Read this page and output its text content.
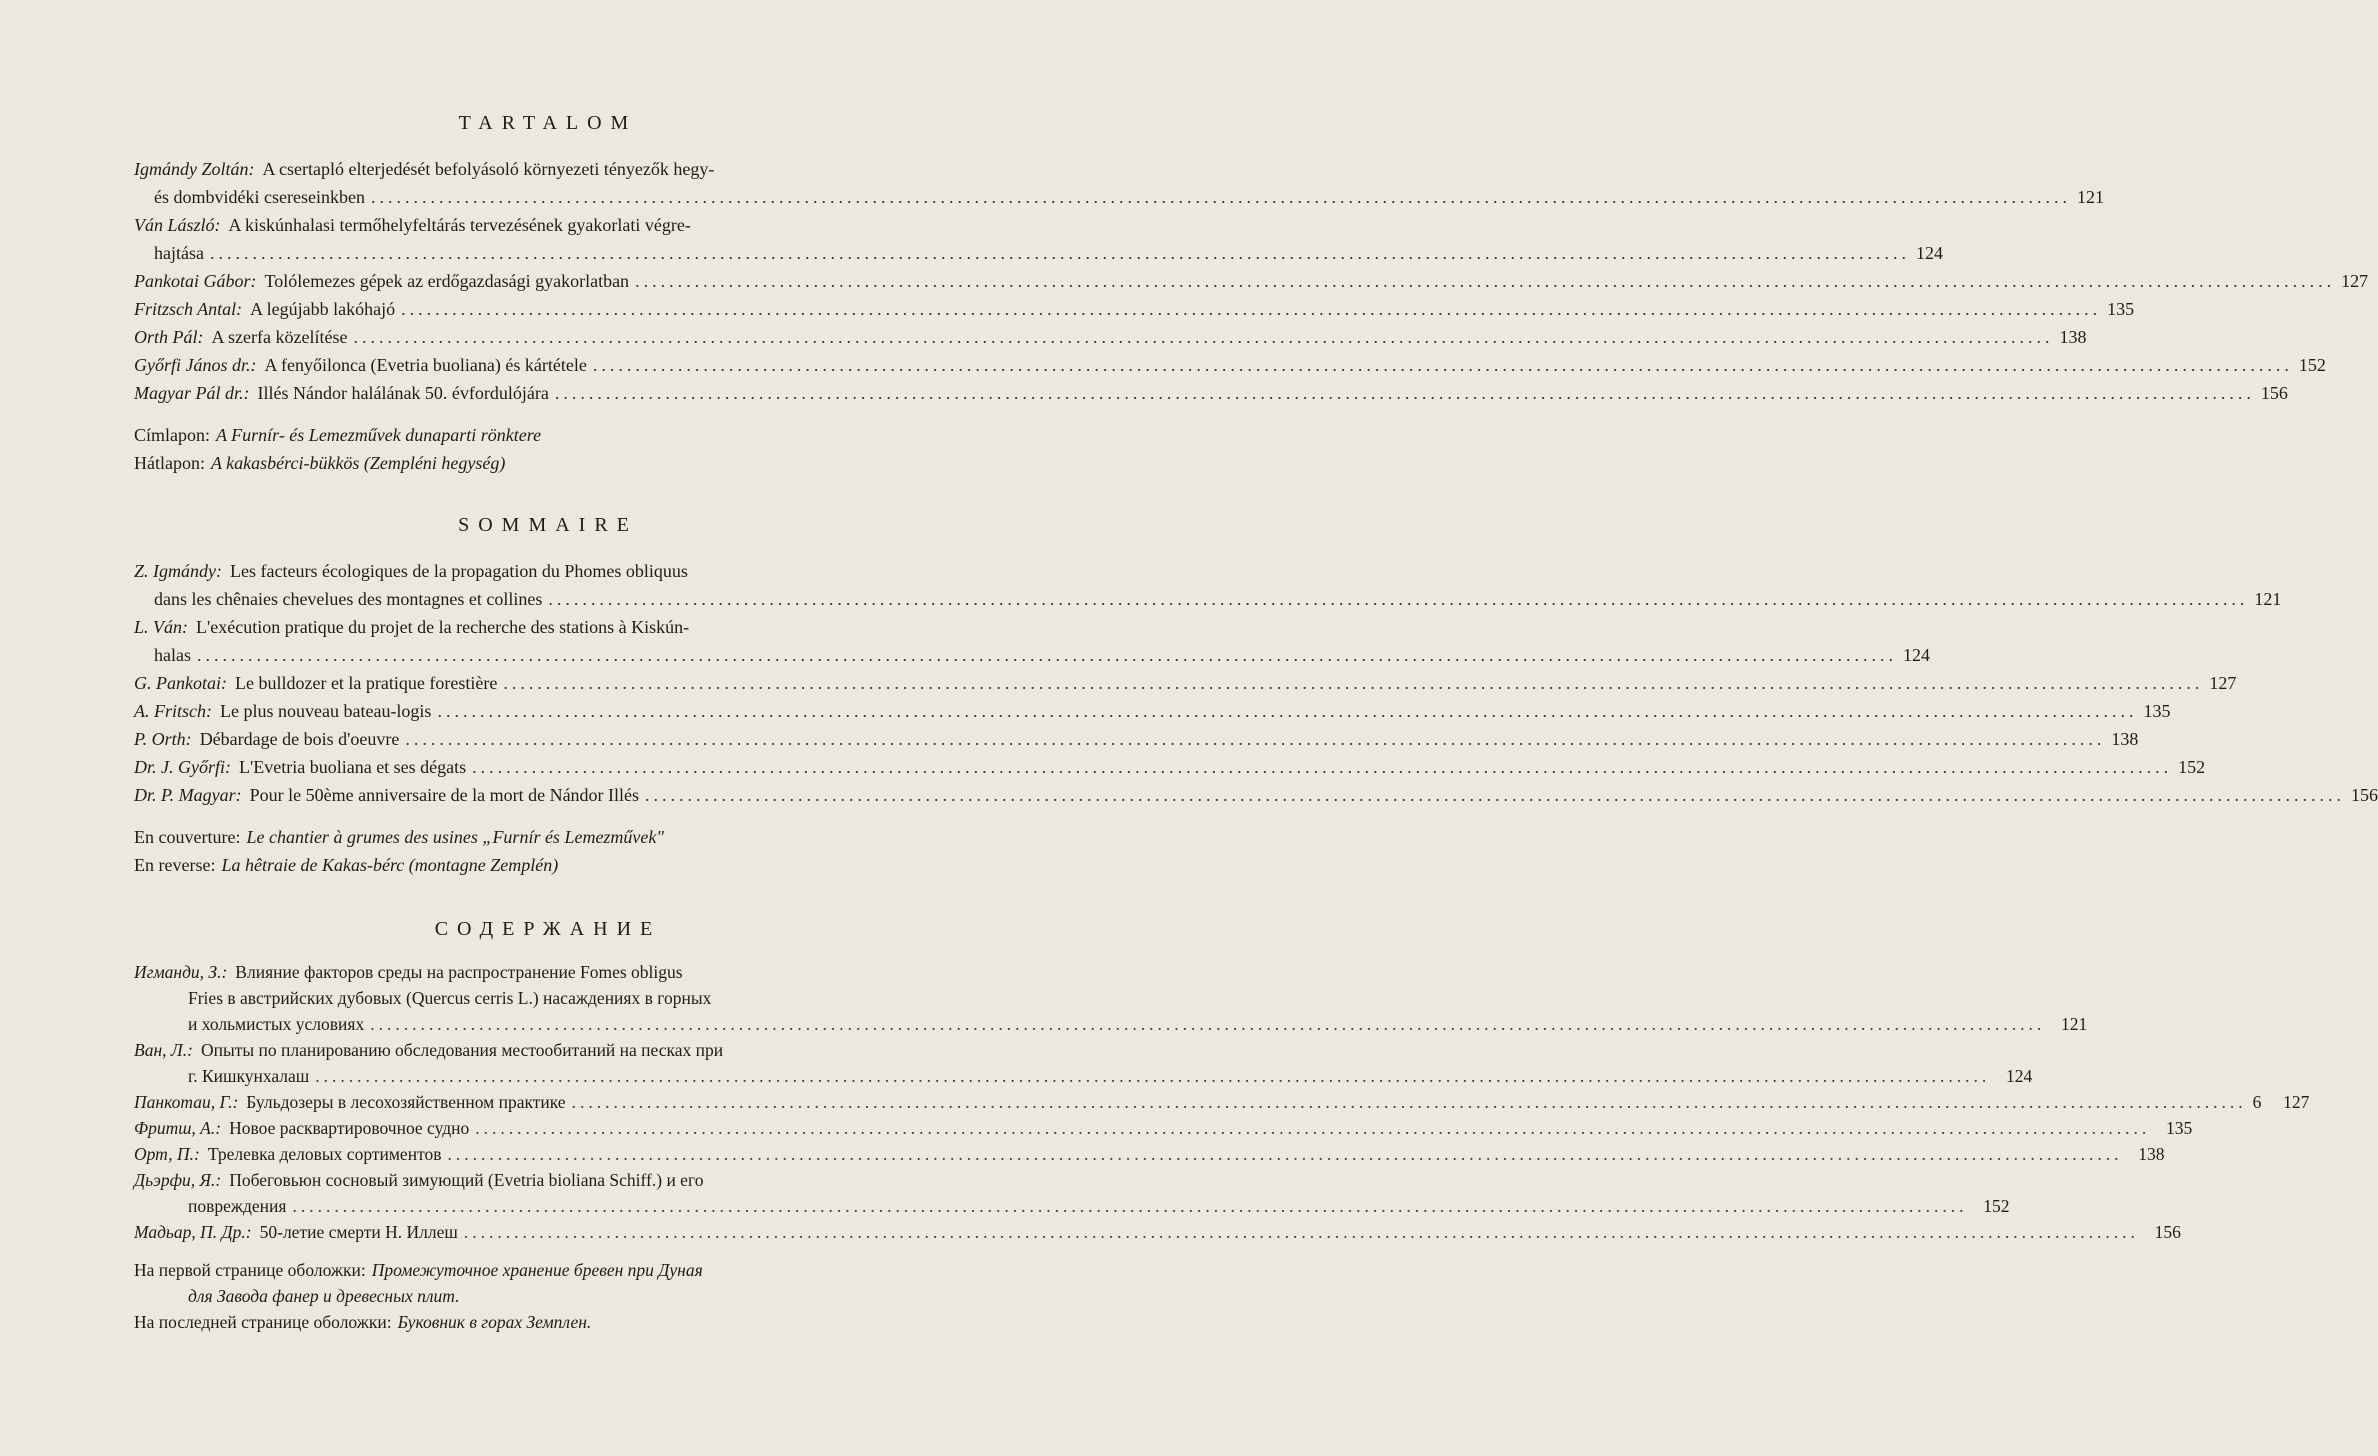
TARTALOM
Igmándy Zoltán: A csertapló elterjedését befolyásoló környezeti tényezők hegy-
és dombvidéki csereseinkben ........................................................................................................................................................................................................ 121
Ván László: A kiskúnhalasi termőhelyfeltárás tervezésének gyakorlati végre-
hajtása ........................................................................................................................................................................................................ 124
Pankotai Gábor: Tolólemezes gépek az erdőgazdasági gyakorlatban ........................................................................................................................................................................................................ 127
Fritzsch Antal: A legújabb lakóhajó ........................................................................................................................................................................................................ 135
Orth Pál: A szerfa közelítése ........................................................................................................................................................................................................ 138
Győrfi János dr.: A fenyőilonca (Evetria buoliana) és kártétele ........................................................................................................................................................................................................ 152
Magyar Pál dr.: Illés Nándor halálának 50. évfordulójára ........................................................................................................................................................................................................ 156
Címlapon: A Furnír- és Lemezművek dunaparti rönktere
Hátlapon: A kakasbérci-bükkös (Zempléni hegység)
SOMMAIRE
Z. Igmándy: Les facteurs écologiques de la propagation du Phomes obliquus
dans les chênaies chevelues des montagnes et collines ........................................................................................................................................................................................................ 121
L. Ván: L'exécution pratique du projet de la recherche des stations à Kiskún-
halas ........................................................................................................................................................................................................ 124
G. Pankotai: Le bulldozer et la pratique forestière ........................................................................................................................................................................................................ 127
A. Fritsch: Le plus nouveau bateau-logis ........................................................................................................................................................................................................ 135
P. Orth: Débardage de bois d'oeuvre ........................................................................................................................................................................................................ 138
Dr. J. Győrfi: L'Evetria buoliana et ses dégats ........................................................................................................................................................................................................ 152
Dr. P. Magyar: Pour le 50ème anniversaire de la mort de Nándor Illés ........................................................................................................................................................................................................ 156
En couverture: Le chantier à grumes des usines „Furnír és Lemezművek"
En reverse: La hêtraie de Kakas-bérc (montagne Zemplén)
СОДЕРЖАНИЕ
Игманди, З.: Влияние факторов среды на распространение Fomes obligus
Fries в австрийских дубовых (Quercus cerris L.) насаждениях в горных
и хольмистых условиях ........................................................................................................................................................................................................ 121
Ван, Л.: Опыты по планированию обследования местообитаний на песках при
г. Кишкунхалаш ........................................................................................................................................................................................................ 124
Панкотаи, Г.: Бульдозеры в лесохозяйственном практике ........................................................................................................................................................................................................ 6	127
Фритш, А.: Новое расквартировочное судно ........................................................................................................................................................................................................ 135
Орт, П.: Трелевка деловых сортиментов ........................................................................................................................................................................................................ 138
Дьэрфи, Я.: Побеговьюн сосновый зимующий (Evetria bioliana Schiff.) и его
повреждения ........................................................................................................................................................................................................ 152
Мадьар, П. Др.: 50-летие смерти Н. Иллеш ........................................................................................................................................................................................................ 156
На первой странице оболожки: Промежуточное хранение бревен при Дуная
для Завода фанер и древесных плит.
На последней странице оболожки: Буковник в горах Земплен.
